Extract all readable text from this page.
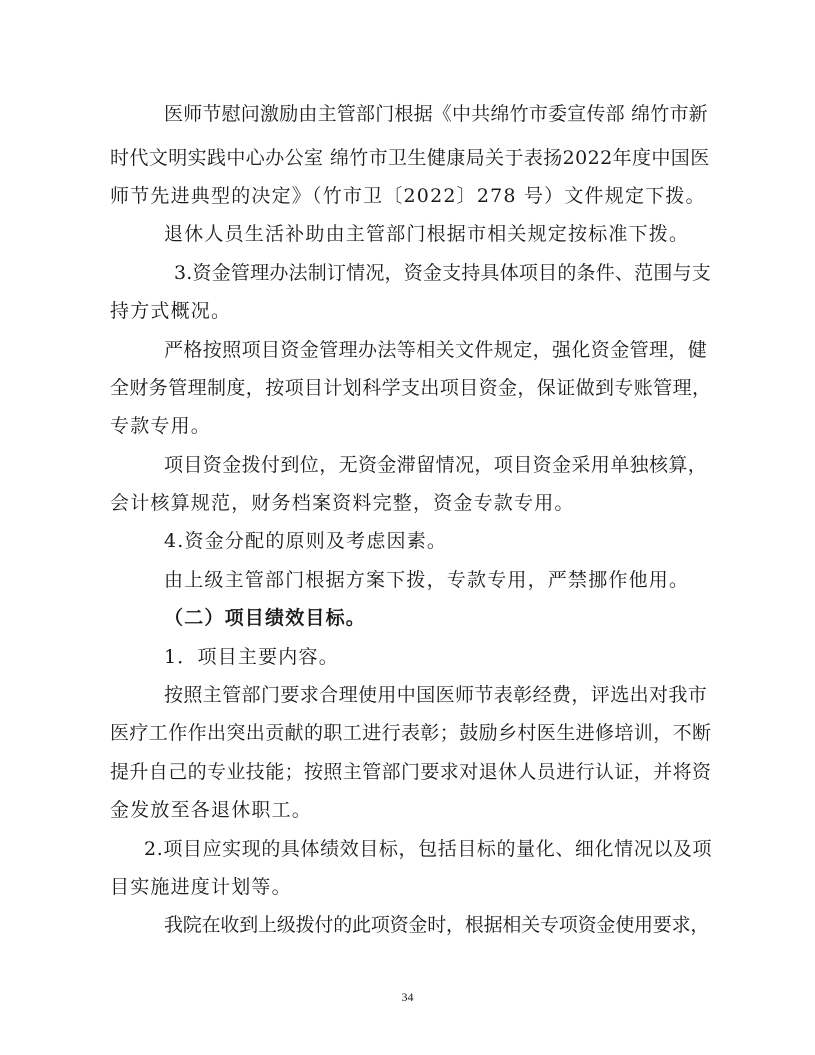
医师节慰问激励由主管部门根据《中共绵竹市委宣传部 绵竹市新
时代文明实践中心办公室 绵竹市卫生健康局关于表扬2022年度中国医
师节先进典型的决定》（竹市卫〔2022〕278 号）文件规定下拨。
退休人员生活补助由主管部门根据市相关规定按标准下拨。
3.资金管理办法制订情况，资金支持具体项目的条件、范围与支
持方式概况。
严格按照项目资金管理办法等相关文件规定，强化资金管理，健
全财务管理制度，按项目计划科学支出项目资金，保证做到专账管理，
专款专用。
项目资金拨付到位，无资金滞留情况，项目资金采用单独核算，
会计核算规范，财务档案资料完整，资金专款专用。
4.资金分配的原则及考虑因素。
由上级主管部门根据方案下拨，专款专用，严禁挪作他用。
（二）项目绩效目标。
1．项目主要内容。
按照主管部门要求合理使用中国医师节表彰经费，评选出对我市
医疗工作作出突出贡献的职工进行表彰；鼓励乡村医生进修培训，不断
提升自己的专业技能；按照主管部门要求对退休人员进行认证，并将资
金发放至各退休职工。
2.项目应实现的具体绩效目标，包括目标的量化、细化情况以及项
目实施进度计划等。
我院在收到上级拨付的此项资金时，根据相关专项资金使用要求，
34
